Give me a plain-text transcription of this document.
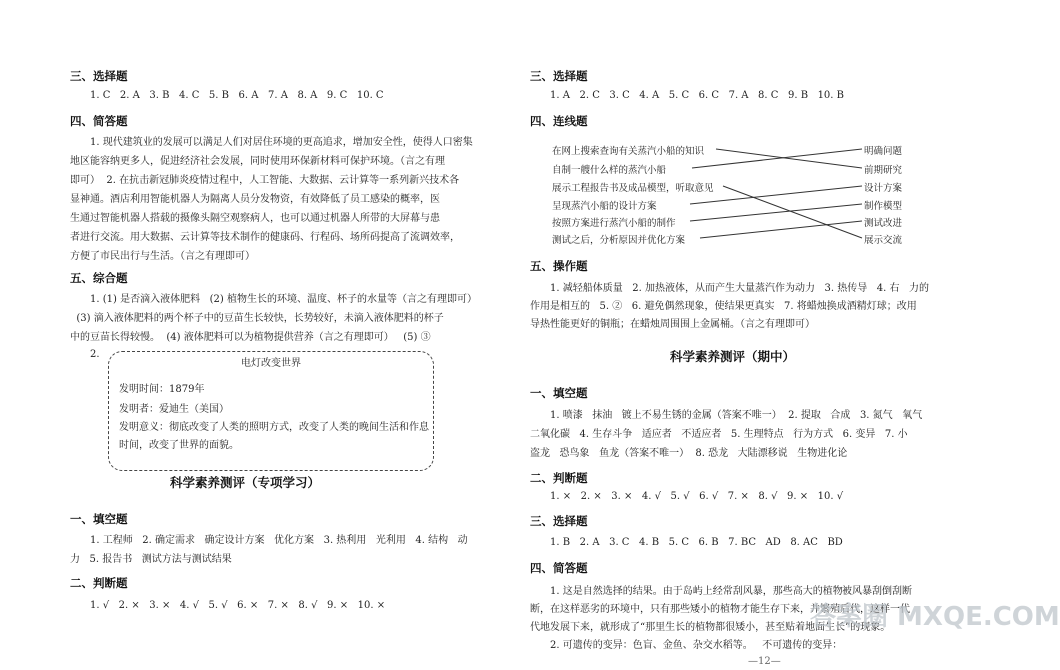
三、选择题
1. C   2. A   3. B   4. C   5. B   6. A   7. A   8. A   9. C   10. C
四、简答题
1. 现代建筑业的发展可以满足人们对居住环境的更高追求，增加安全性，使得人口密集
地区能容纳更多人，促进经济社会发展，同时使用环保新材料可保护环境。（言之有理
即可）  2. 在抗击新冠肺炎疫情过程中，人工智能、大数据、云计算等一系列新兴技术各
显神通。酒店利用智能机器人为隔离人员分发物资，有效降低了员工感染的概率，医
生通过智能机器人搭载的摄像头隔空观察病人，也可以通过机器人所带的大屏幕与患
者进行交流。用大数据、云计算等技术制作的健康码、行程码、场所码提高了流调效率，
方便了市民出行与生活。（言之有理即可）
五、综合题
1. (1) 是否滴入液体肥料   (2) 植物生长的环境、温度、杯子的水量等（言之有理即可）
(3) 滴入液体肥料的两个杯子中的豆苗生长较快，长势较好，未滴入液体肥料的杯子
中的豆苗长得较慢。  (4) 液体肥料可以为植物提供营养（言之有理即可）   (5) ③
2.
电灯改变世界
发明时间：1879年
发明者：爱迪生（美国）
发明意义：彻底改变了人类的照明方式，改变了人类的晚间生活和作息
时间，改变了世界的面貌。
科学素养测评（专项学习）
一、填空题
1. 工程师   2. 确定需求   确定设计方案   优化方案   3. 热利用   光利用   4. 结构   动
力   5. 报告书   测试方法与测试结果
二、判断题
1. √   2. ×   3. ×   4. √   5. √   6. ×   7. ×   8. √   9. ×   10. ×
三、选择题
1. A   2. C   3. C   4. A   5. C   6. C   7. A   8. C   9. B   10. B
四、连线题
在网上搜索查询有关蒸汽小船的知识
自制一艘什么样的蒸汽小船
展示工程报告书及成品模型，听取意见
呈现蒸汽小船的设计方案
按照方案进行蒸汽小船的制作
测试之后，分析原因并优化方案
明确问题
前期研究
设计方案
制作模型
测试改进
展示交流
五、操作题
1. 减轻船体质量   2. 加热液体，从而产生大量蒸汽作为动力   3. 热传导   4. 右   力的
作用是相互的   5. ②   6. 避免偶然现象，使结果更真实   7. 将蜡烛换成酒精灯球；改用
导热性能更好的铜瓶；在蜡烛周围围上金属桶。（言之有理即可）
科学素养测评（期中）
一、填空题
1. 喷漆   抹油   镀上不易生锈的金属（答案不唯一）  2. 提取   合成   3. 氮气   氧气
二氧化碳   4. 生存斗争   适应者   不适应者   5. 生理特点   行为方式   6. 变异   7. 小
盗龙   恐鸟象   鱼龙（答案不唯一）  8. 恐龙   大陆漂移说   生物进化论
二、判断题
1. ×   2. ×   3. ×   4. √   5. √   6. √   7. ×   8. √   9. ×   10. √
三、选择题
1. B   2. A   3. C   4. B   5. C   6. B   7. BC   AD   8. AC   BD
四、简答题
1. 这是自然选择的结果。由于岛屿上经常刮风暴，那些高大的植物 被风暴刮倒刮断
断，在这样恶劣的环境中，只有那些矮小的植物才能生存下来，并繁殖后代，这样一代
代地发展下来，就形成了“那里生长的植物都很矮小，甚至贴着地面生长”的现象。
2. 可遗传的变异：色盲、金鱼、杂交水稻等。   不可遗传的变异：
—12—
答案圈 MXQE.COM
